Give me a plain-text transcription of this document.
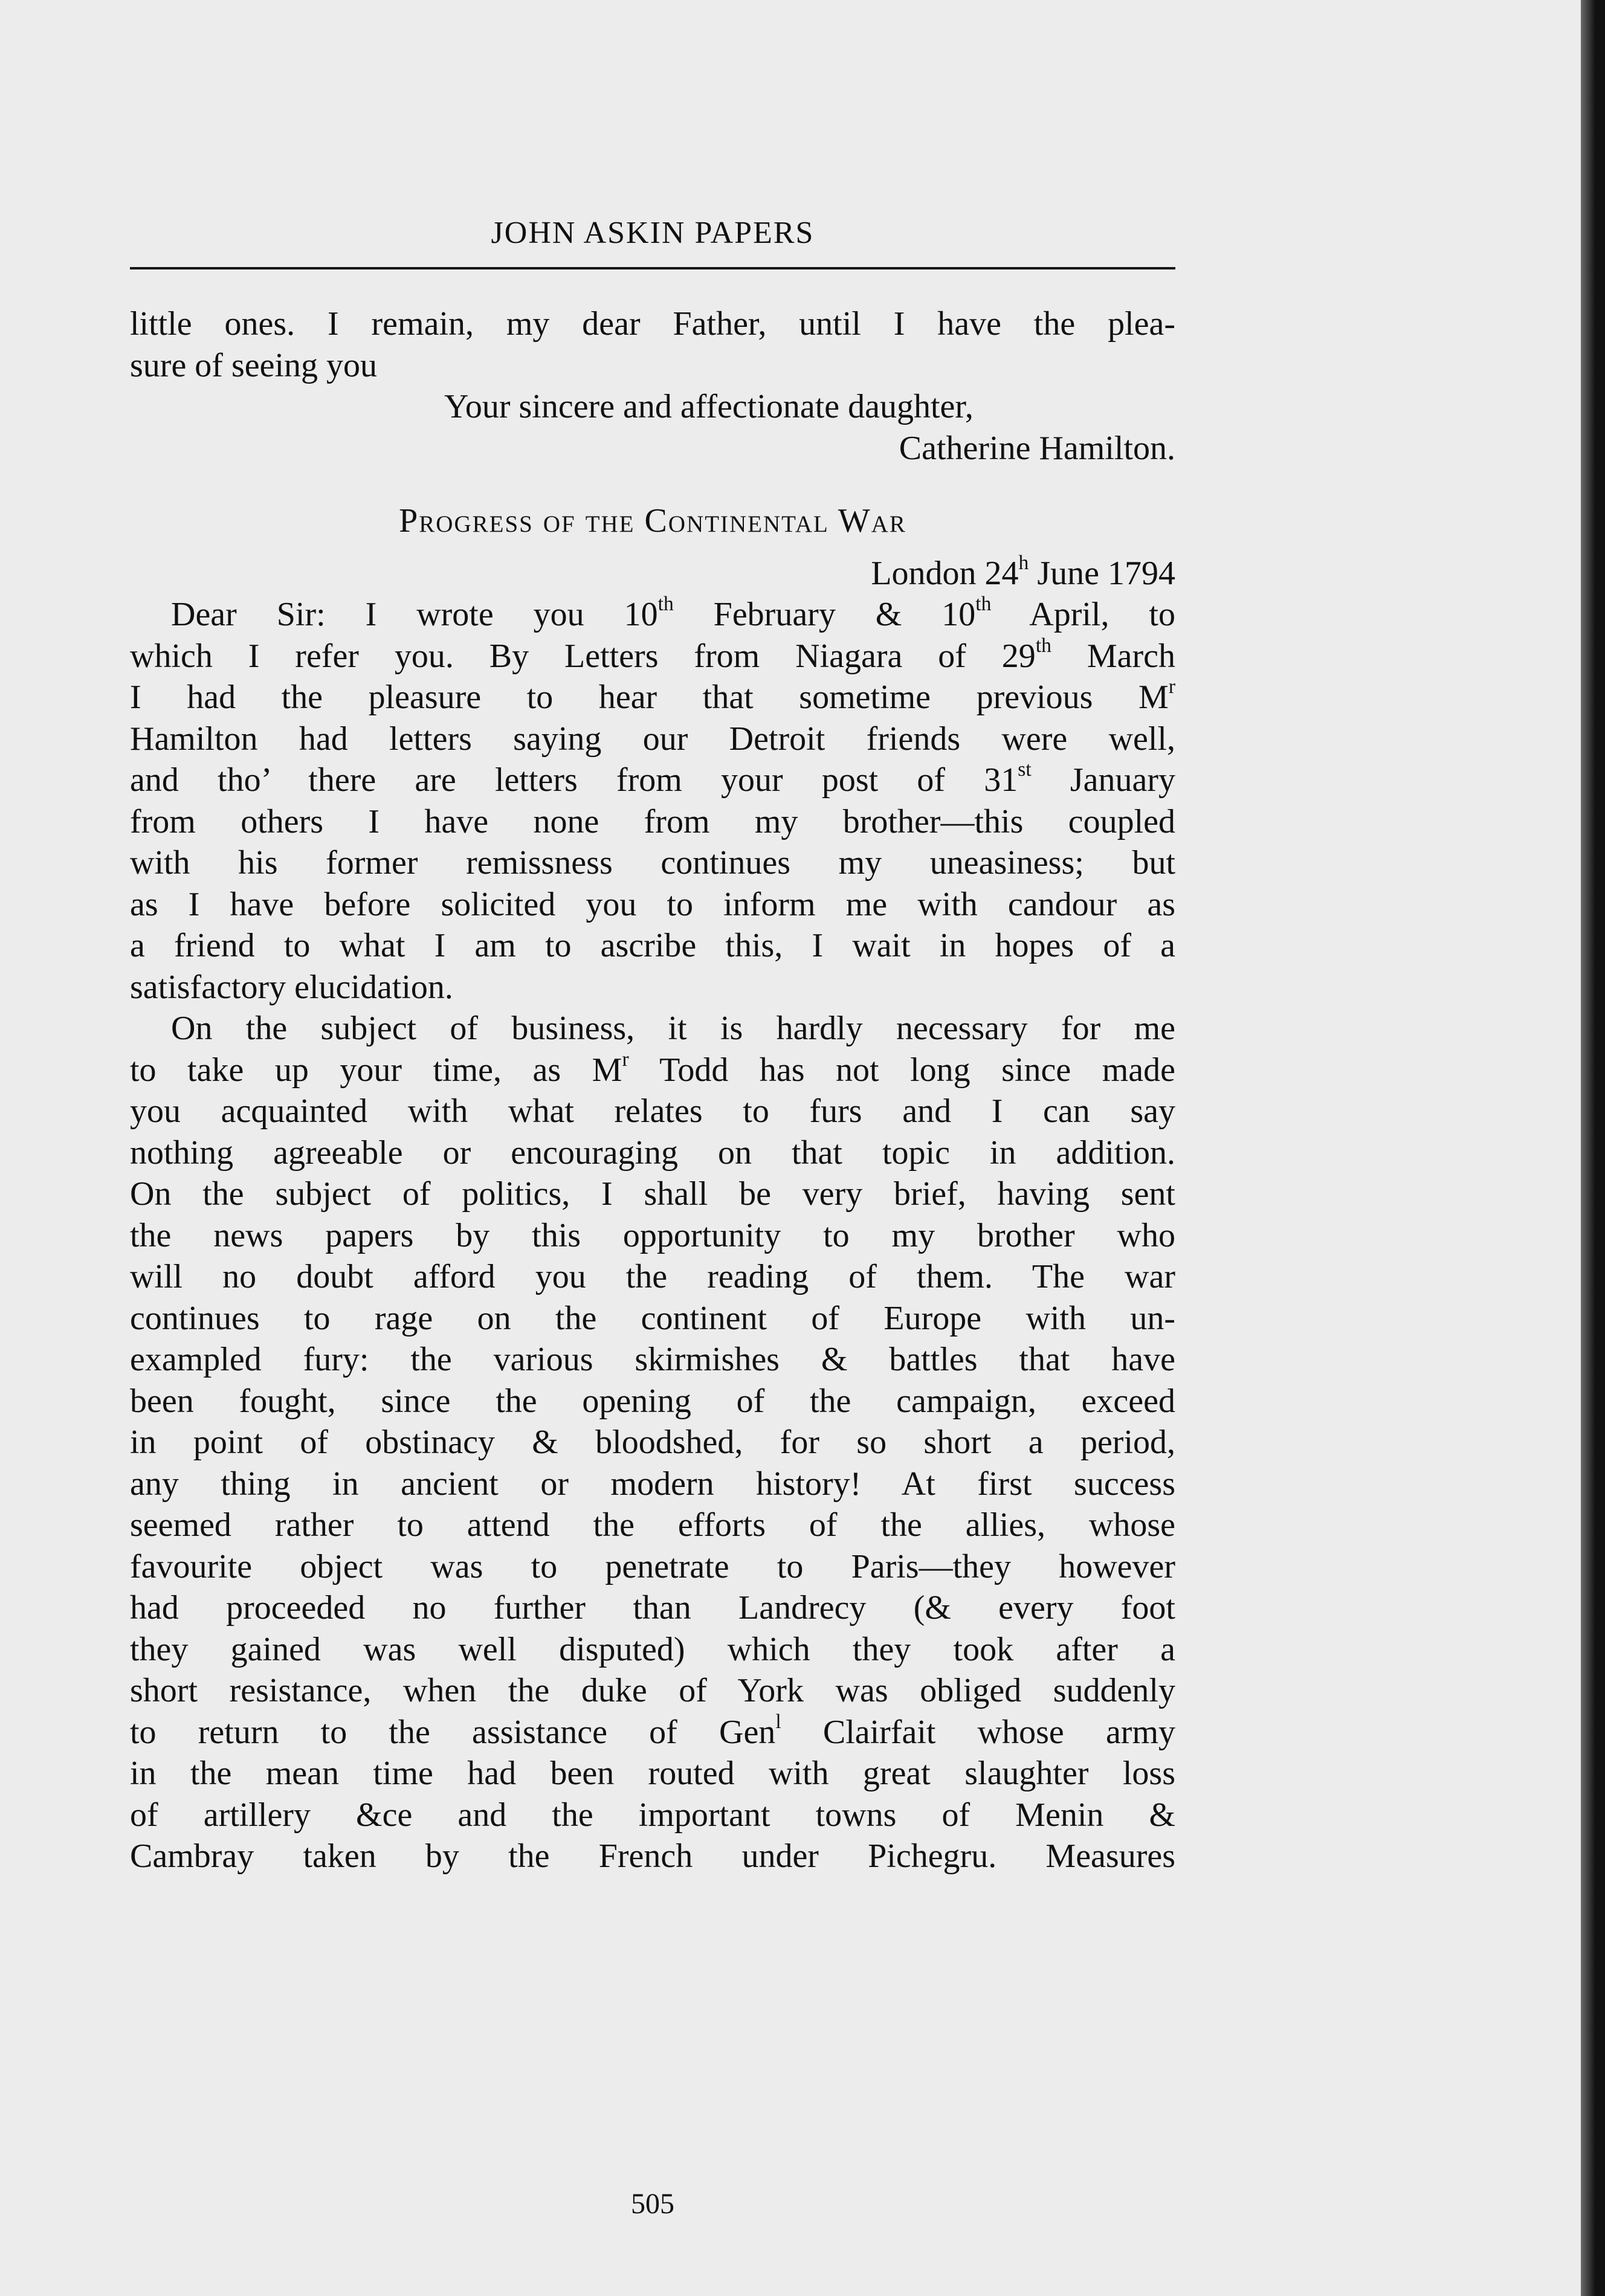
JOHN ASKIN PAPERS
little ones. I remain, my dear Father, until I have the plea-
sure of seeing you
Your sincere and affectionate daughter,
Catherine Hamilton.
Progress of the Continental War
London 24$^h$ June 1794
Dear Sir: I wrote you 10th February & 10th April, to
which I refer you. By Letters from Niagara of 29th March
I had the pleasure to hear that sometime previous $M^r$
Hamilton had letters saying our Detroit friends were well,
and tho’ there are letters from your post of 31st January
from others I have none from my brother—this coupled
with his former remissness continues my uneasiness; but
as I have before solicited you to inform me with candour as
a friend to what I am to ascribe this, I wait in hopes of a
satisfactory elucidation.
On the subject of business, it is hardly necessary for me
to take up your time, as $M^r$ Todd has not long since made
you acquainted with what relates to furs and I can say
nothing agreeable or encouraging on that topic in addition.
On the subject of politics, I shall be very brief, having sent
the news papers by this opportunity to my brother who
will no doubt afford you the reading of them. The war
continues to rage on the continent of Europe with un-
exampled fury: the various skirmishes & battles that have
been fought, since the opening of the campaign, exceed
in point of obstinacy & bloodshed, for so short a period,
any thing in ancient or modern history! At first success
seemed rather to attend the efforts of the allies, whose
favourite object was to penetrate to Paris—they however
had proceeded no further than Landrecy (& every foot
they gained was well disputed) which they took after a
short resistance, when the duke of York was obliged suddenly
to return to the assistance of Gen$^l$ Clairfait whose army
in the mean time had been routed with great slaughter loss
of artillery &ce and the important towns of Menin &
Cambray taken by the French under Pichegru. Measures
505
